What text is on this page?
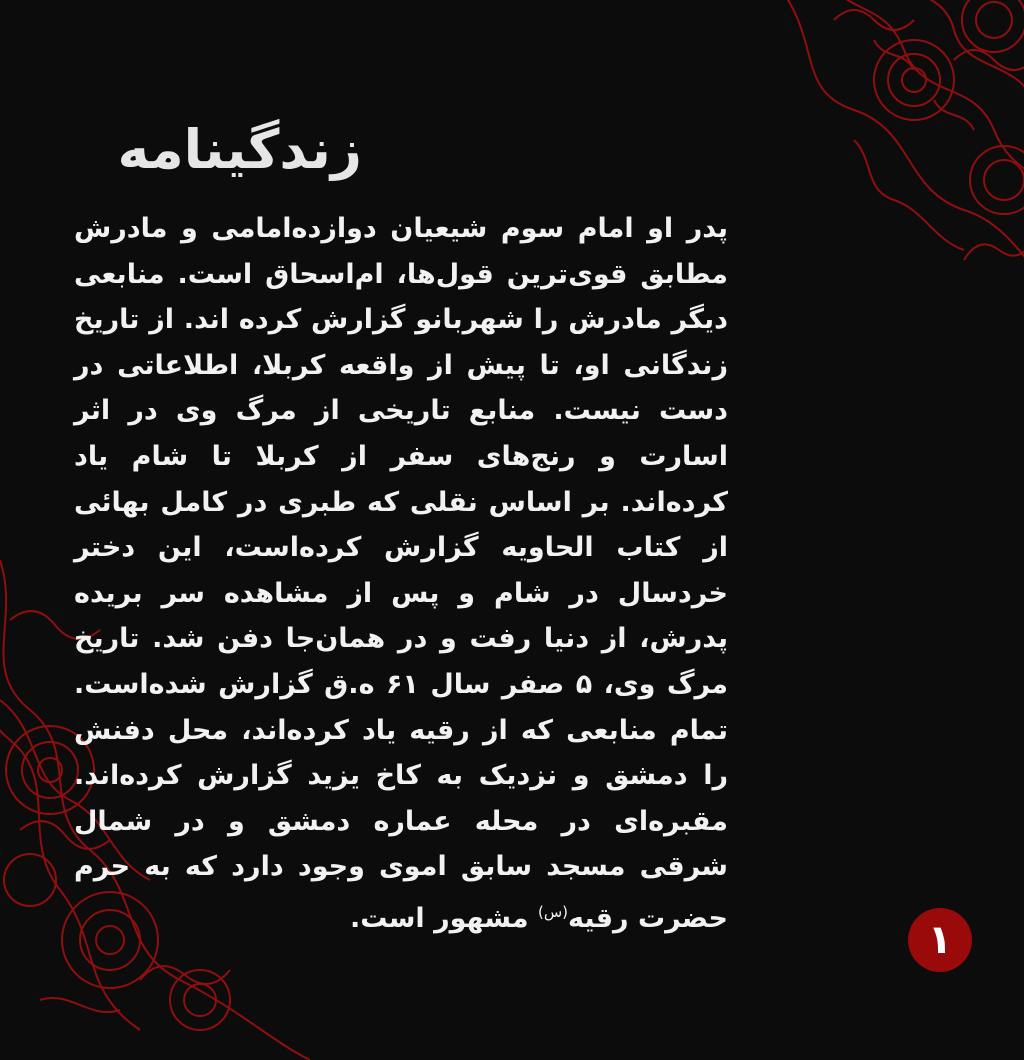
زندگینامه

پدر او امام سوم شیعیان دوازده‌امامی و مادرش مطابق قوی‌ترین قول‌ها، ام‌اسحاق است. منابعی دیگر مادرش را شهربانو گزارش کرده اند. از تاریخ زندگانی او، تا پیش از واقعه کربلا، اطلاعاتی در دست نیست. منابع تاریخی از مرگ وی در اثر اسارت و رنج‌های سفر از کربلا تا شام یاد کرده‌اند. بر اساس نقلی که طبری در کامل بهائی از کتاب الحاویه گزارش کرده‌است، این دختر خردسال در شام و پس از مشاهده سر بریده پدرش، از دنیا رفت و در همان‌جا دفن شد. تاریخ مرگ وی، ۵ صفر سال ۶۱ ه.ق گزارش شده‌است. تمام منابعی که از رقیه یاد کرده‌اند، محل دفنش را دمشق و نزدیک به کاخ یزید گزارش کرده‌اند. مقبره‌ای در محله عماره دمشق و در شمال شرقی مسجد سابق اموی وجود دارد که به حرم حضرت رقیه$^{(س)}$ مشهور است.	۱
